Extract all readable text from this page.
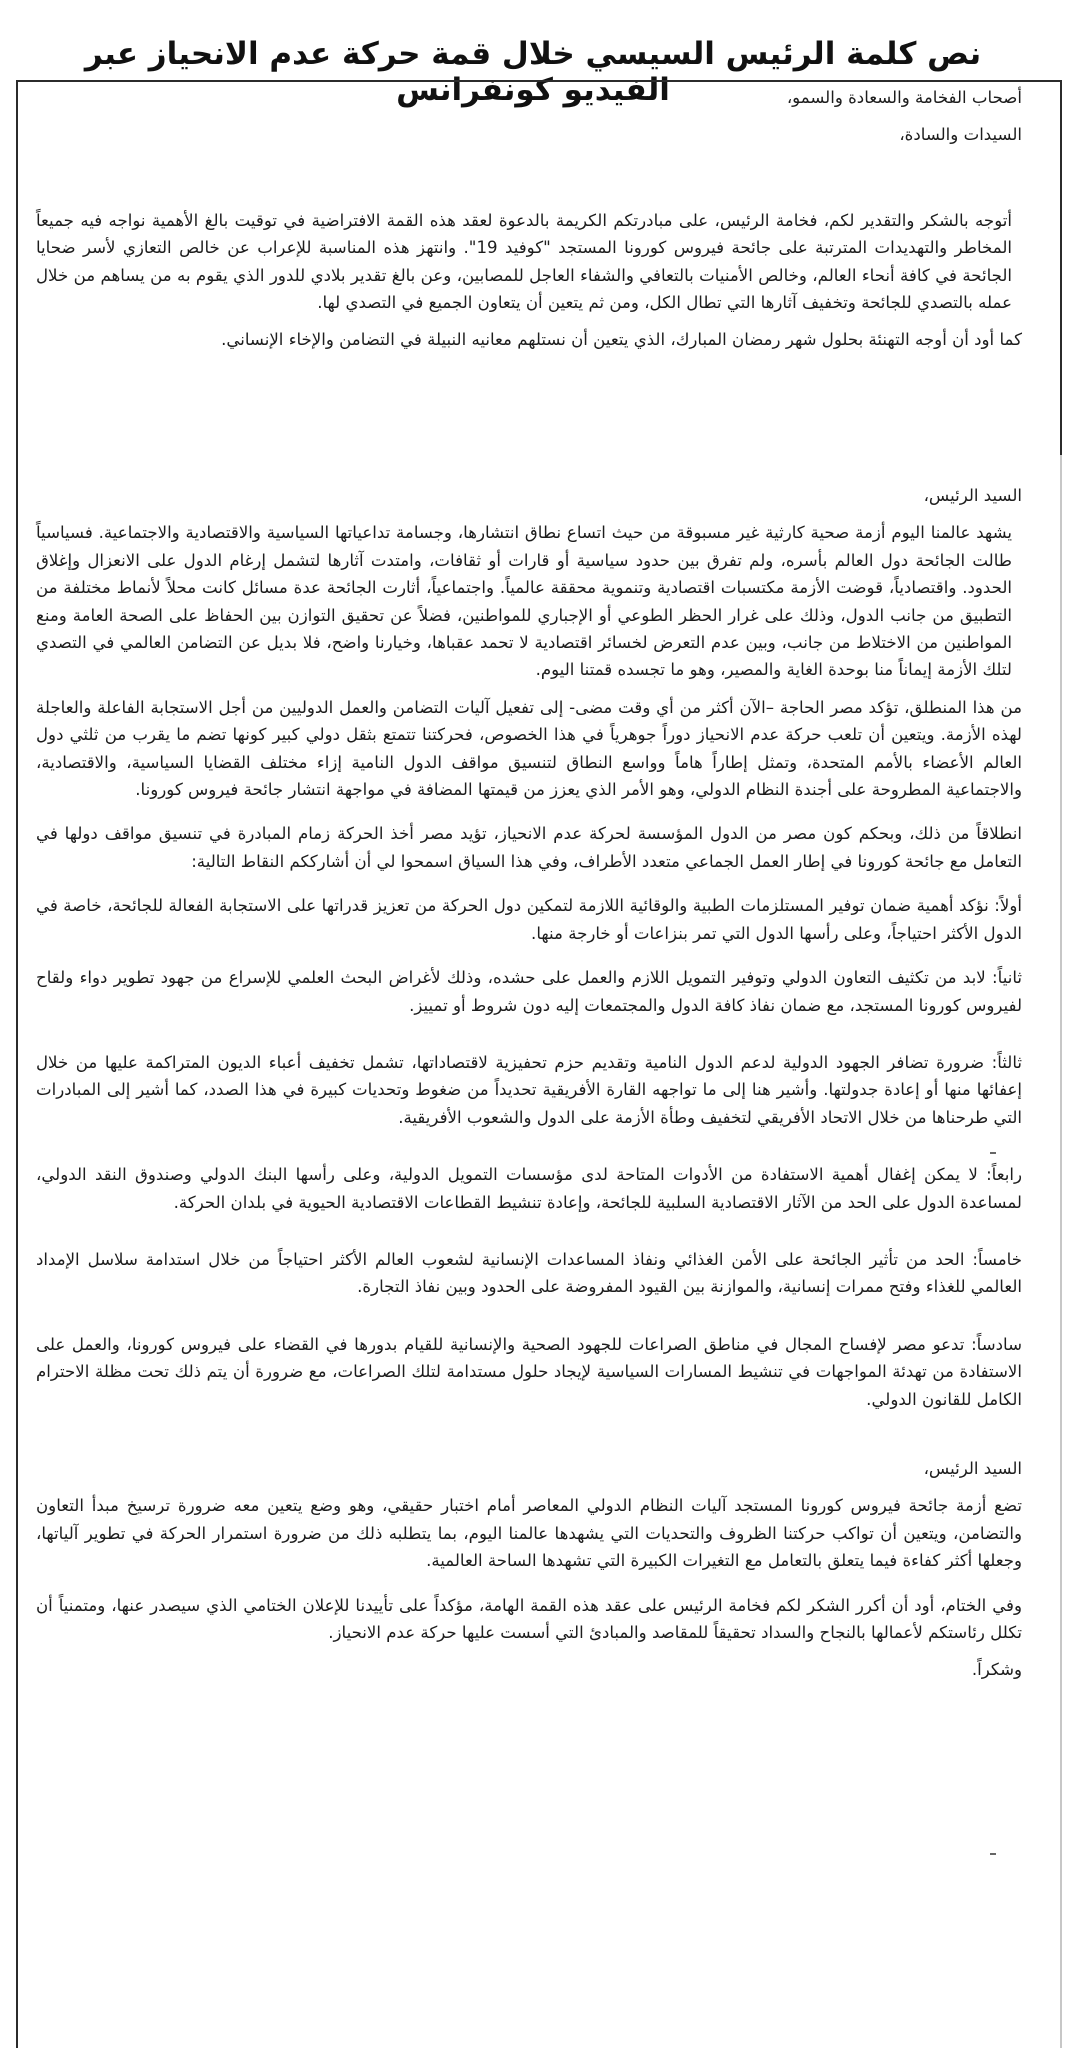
نص كلمة الرئيس السيسي خلال قمة حركة عدم الانحياز عبر الفيديو كونفرانس	أصحاب الفخامة والسعادة والسمو،

السيدات والسادة،

أتوجه بالشكر والتقدير لكم، فخامة الرئيس، على مبادرتكم الكريمة بالدعوة لعقد هذه القمة الافتراضية في توقيت بالغ الأهمية نواجه فيه جميعاً المخاطر والتهديدات المترتبة على جائحة فيروس كورونا المستجد "كوفيد 19". وانتهز هذه المناسبة للإعراب عن خالص التعازي لأسر ضحايا الجائحة في كافة أنحاء العالم، وخالص الأمنيات بالتعافي والشفاء العاجل للمصابين، وعن بالغ تقدير بلادي للدور الذي يقوم به من يساهم من خلال عمله بالتصدي للجائحة وتخفيف آثارها التي تطال الكل، ومن ثم يتعين أن يتعاون الجميع في التصدي لها.

كما أود أن أوجه التهنئة بحلول شهر رمضان المبارك، الذي يتعين أن نستلهم معانيه النبيلة في التضامن والإخاء الإنساني.

السيد الرئيس،

يشهد عالمنا اليوم أزمة صحية كارثية غير مسبوقة من حيث اتساع نطاق انتشارها، وجسامة تداعياتها السياسية والاقتصادية والاجتماعية. فسياسياً طالت الجائحة دول العالم بأسره، ولم تفرق بين حدود سياسية أو قارات أو ثقافات، وامتدت آثارها لتشمل إرغام الدول على الانعزال وإغلاق الحدود. واقتصادياً، قوضت الأزمة مكتسبات اقتصادية وتنموية محققة عالمياً. واجتماعياً، أثارت الجائحة عدة مسائل كانت محلاً لأنماط مختلفة من التطبيق من جانب الدول، وذلك على غرار الحظر الطوعي أو الإجباري للمواطنين، فضلاً عن تحقيق التوازن بين الحفاظ على الصحة العامة ومنع المواطنين من الاختلاط من جانب، وبين عدم التعرض لخسائر اقتصادية لا تحمد عقباها، وخيارنا واضح، فلا بديل عن التضامن العالمي في التصدي لتلك الأزمة إيماناً منا بوحدة الغاية والمصير، وهو ما تجسده قمتنا اليوم.

من هذا المنطلق، تؤكد مصر الحاجة –الآن أكثر من أي وقت مضى- إلى تفعيل آليات التضامن والعمل الدوليين من أجل الاستجابة الفاعلة والعاجلة لهذه الأزمة. ويتعين أن تلعب حركة عدم الانحياز دوراً جوهرياً في هذا الخصوص، فحركتنا تتمتع بثقل دولي كبير كونها تضم ما يقرب من ثلثي دول العالم الأعضاء بالأمم المتحدة، وتمثل إطاراً هاماً وواسع النطاق لتنسيق مواقف الدول النامية إزاء مختلف القضايا السياسية، والاقتصادية، والاجتماعية المطروحة على أجندة النظام الدولي، وهو الأمر الذي يعزز من قيمتها المضافة في مواجهة انتشار جائحة فيروس كورونا.

انطلاقاً من ذلك، وبحكم كون مصر من الدول المؤسسة لحركة عدم الانحياز، تؤيد مصر أخذ الحركة زمام المبادرة في تنسيق مواقف دولها في التعامل مع جائحة كورونا في إطار العمل الجماعي متعدد الأطراف، وفي هذا السياق اسمحوا لي أن أشارككم النقاط التالية:

أولاً: نؤكد أهمية ضمان توفير المستلزمات الطبية والوقائية اللازمة لتمكين دول الحركة من تعزيز قدراتها على الاستجابة الفعالة للجائحة، خاصة في الدول الأكثر احتياجاً، وعلى رأسها الدول التي تمر بنزاعات أو خارجة منها.

ثانياً: لابد من تكثيف التعاون الدولي وتوفير التمويل اللازم والعمل على حشده، وذلك لأغراض البحث العلمي للإسراع من جهود تطوير دواء ولقاح لفيروس كورونا المستجد، مع ضمان نفاذ كافة الدول والمجتمعات إليه دون شروط أو تمييز.

ثالثاً: ضرورة تضافر الجهود الدولية لدعم الدول النامية وتقديم حزم تحفيزية لاقتصاداتها، تشمل تخفيف أعباء الديون المتراكمة عليها من خلال إعفائها منها أو إعادة جدولتها. وأشير هنا إلى ما تواجهه القارة الأفريقية تحديداً من ضغوط وتحديات كبيرة في هذا الصدد، كما أشير إلى المبادرات التي طرحناها من خلال الاتحاد الأفريقي لتخفيف وطأة الأزمة على الدول والشعوب الأفريقية.

رابعاً: لا يمكن إغفال أهمية الاستفادة من الأدوات المتاحة لدى مؤسسات التمويل الدولية، وعلى رأسها البنك الدولي وصندوق النقد الدولي، لمساعدة الدول على الحد من الآثار الاقتصادية السلبية للجائحة، وإعادة تنشيط القطاعات الاقتصادية الحيوية في بلدان الحركة.

خامساً: الحد من تأثير الجائحة على الأمن الغذائي ونفاذ المساعدات الإنسانية لشعوب العالم الأكثر احتياجاً من خلال استدامة سلاسل الإمداد العالمي للغذاء وفتح ممرات إنسانية، والموازنة بين القيود المفروضة على الحدود وبين نفاذ التجارة.

سادساً: تدعو مصر لإفساح المجال في مناطق الصراعات للجهود الصحية والإنسانية للقيام بدورها في القضاء على فيروس كورونا، والعمل على الاستفادة من تهدئة المواجهات في تنشيط المسارات السياسية لإيجاد حلول مستدامة لتلك الصراعات، مع ضرورة أن يتم ذلك تحت مظلة الاحترام الكامل للقانون الدولي.

السيد الرئيس،

تضع أزمة جائحة فيروس كورونا المستجد آليات النظام الدولي المعاصر أمام اختبار حقيقي، وهو وضع يتعين معه ضرورة ترسيخ مبدأ التعاون والتضامن، ويتعين أن تواكب حركتنا الظروف والتحديات التي يشهدها عالمنا اليوم، بما يتطلبه ذلك من ضرورة استمرار الحركة في تطوير آلياتها، وجعلها أكثر كفاءة فيما يتعلق بالتعامل مع التغيرات الكبيرة التي تشهدها الساحة العالمية.

وفي الختام، أود أن أكرر الشكر لكم فخامة الرئيس على عقد هذه القمة الهامة، مؤكداً على تأييدنا للإعلان الختامي الذي سيصدر عنها، ومتمنياً أن تكلل رئاستكم لأعمالها بالنجاح والسداد تحقيقاً للمقاصد والمبادئ التي أسست عليها حركة عدم الانحياز.

وشكراً.
